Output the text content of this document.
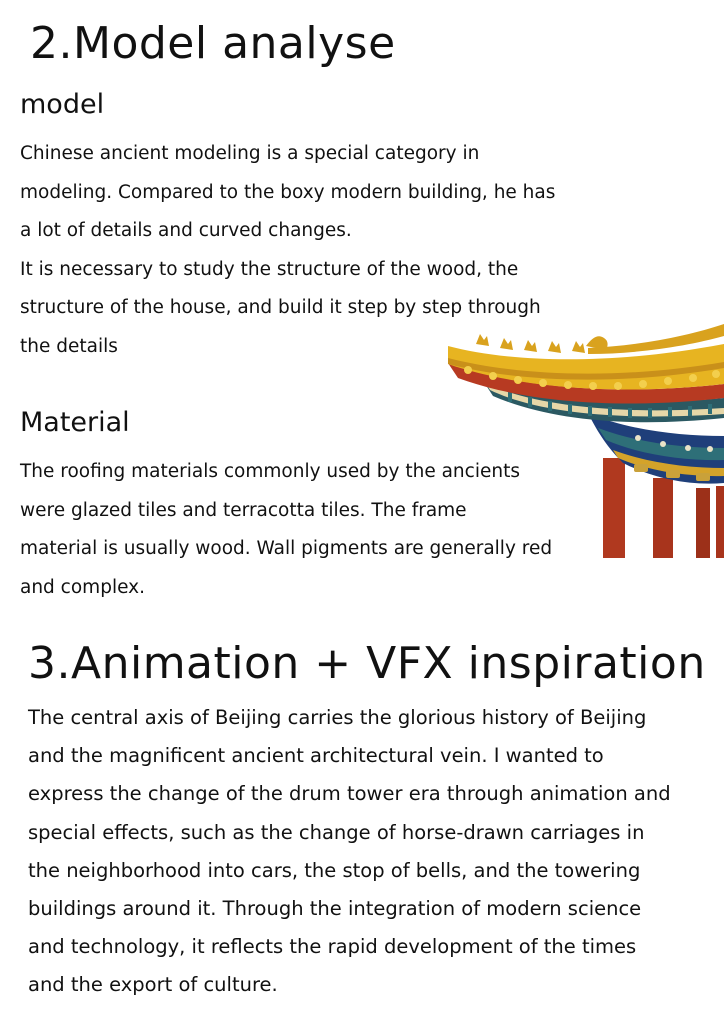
2.Model analyse
model

Chinese ancient modeling is a special category in
modeling. Compared to the boxy modern building, he has
a lot of details and curved changes.
It is necessary to study the structure of the wood, the
structure of the house, and build it step by step through
the details

Material

The roofing materials commonly used by the ancients
were glazed tiles and terracotta tiles. The frame
material is usually wood. Wall pigments are generally red
and complex.

3.Animation + VFX inspiration

The central axis of Beijing carries the glorious history of Beijing
and the magnificent ancient architectural vein. I wanted to
express the change of the drum tower era through animation and
special effects, such as the change of horse-drawn carriages in
the neighborhood into cars, the stop of bells, and the towering
buildings around it. Through the integration of modern science
and technology, it reflects the rapid development of the times
and the export of culture.
